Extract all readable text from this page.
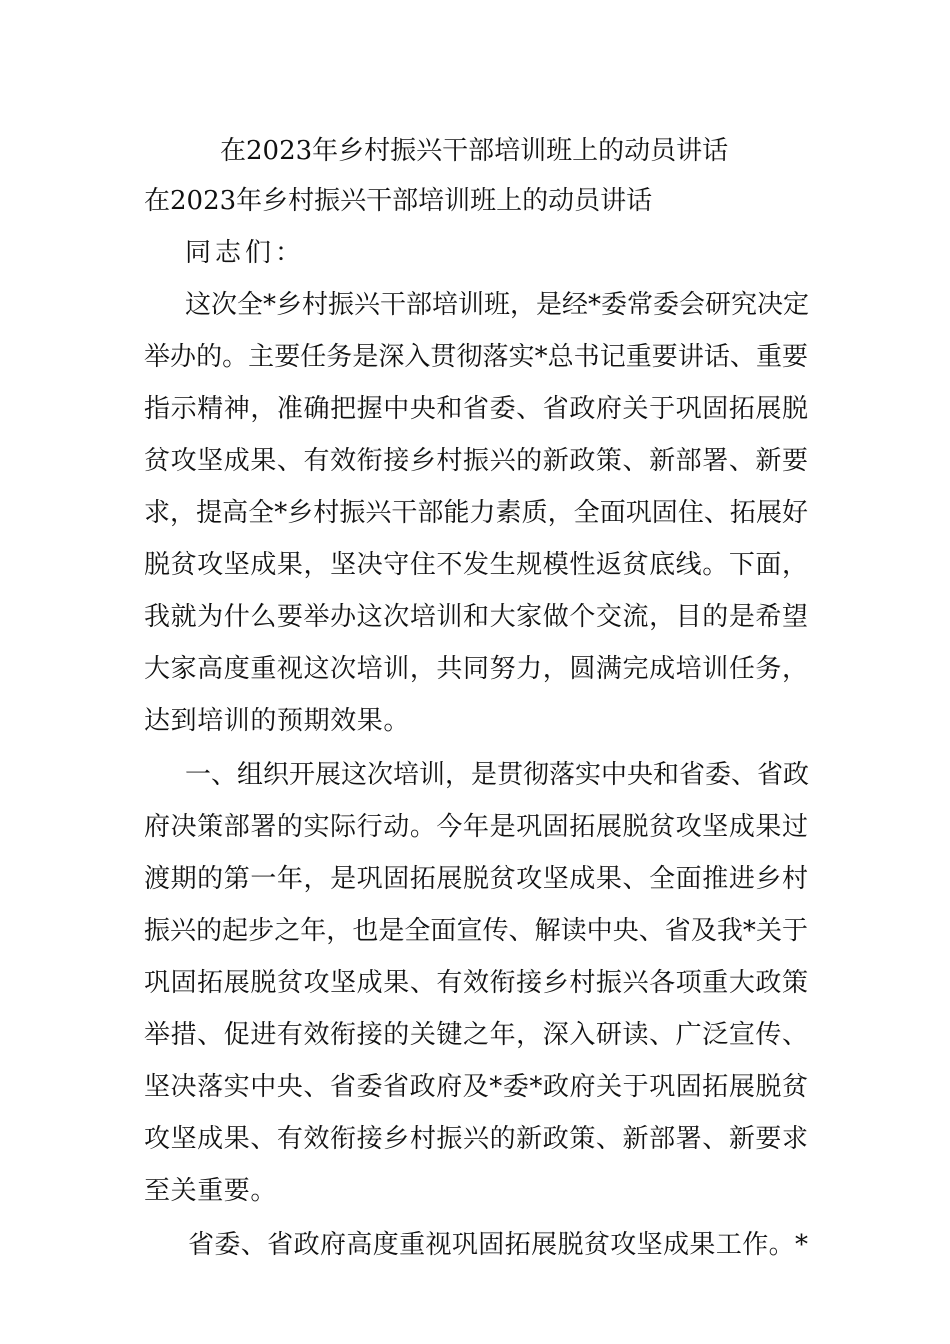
在2023年乡村振兴干部培训班上的动员讲话
在2023年乡村振兴干部培训班上的动员讲话
同志们：
这次全*乡村振兴干部培训班，是经*委常委会研究决定
举办的。主要任务是深入贯彻落实*总书记重要讲话、重要
指示精神，准确把握中央和省委、省政府关于巩固拓展脱
贫攻坚成果、有效衔接乡村振兴的新政策、新部署、新要
求，提高全*乡村振兴干部能力素质，全面巩固住、拓展好
脱贫攻坚成果，坚决守住不发生规模性返贫底线。下面，
我就为什么要举办这次培训和大家做个交流，目的是希望
大家高度重视这次培训，共同努力，圆满完成培训任务，
达到培训的预期效果。
一、组织开展这次培训，是贯彻落实中央和省委、省政
府决策部署的实际行动。今年是巩固拓展脱贫攻坚成果过
渡期的第一年，是巩固拓展脱贫攻坚成果、全面推进乡村
振兴的起步之年，也是全面宣传、解读中央、省及我*关于
巩固拓展脱贫攻坚成果、有效衔接乡村振兴各项重大政策
举措、促进有效衔接的关键之年，深入研读、广泛宣传、
坚决落实中央、省委省政府及*委*政府关于巩固拓展脱贫
攻坚成果、有效衔接乡村振兴的新政策、新部署、新要求
至关重要。
省委、省政府高度重视巩固拓展脱贫攻坚成果工作。*
